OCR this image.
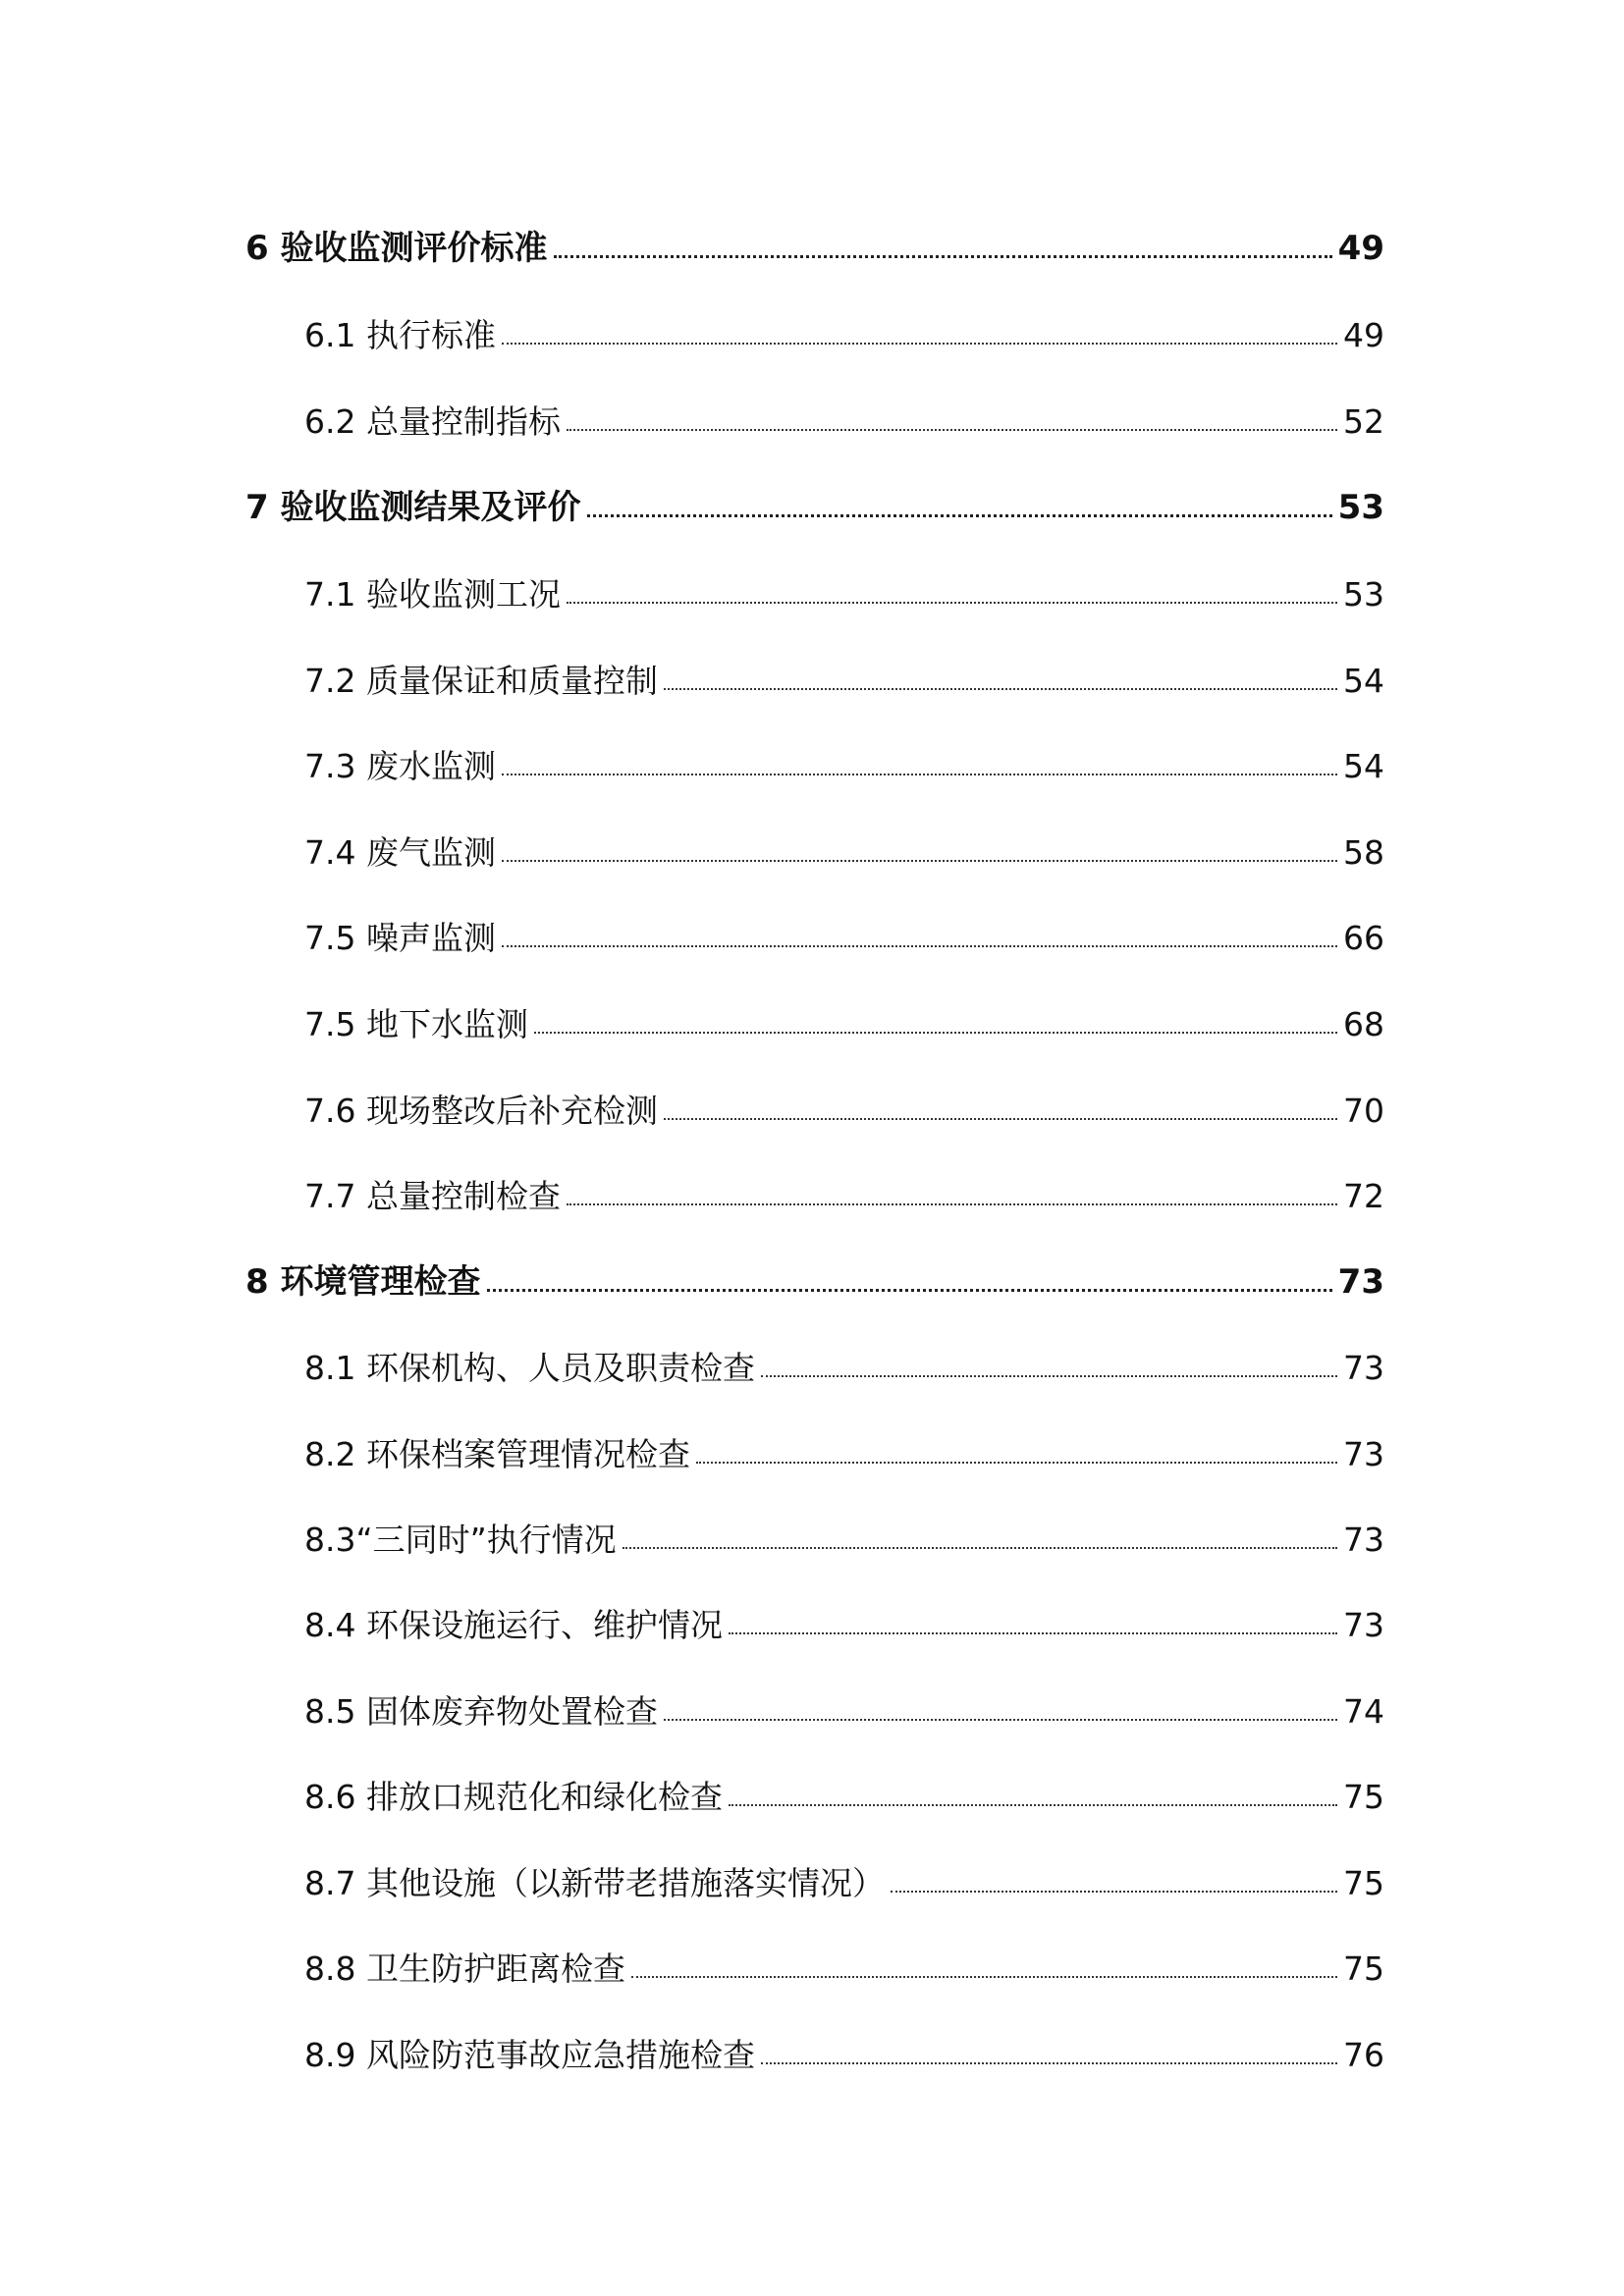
6 验收监测评价标准	49
6.1 执行标准	49
6.2 总量控制指标	52
7 验收监测结果及评价	53
7.1 验收监测工况	53
7.2 质量保证和质量控制	54
7.3 废水监测	54
7.4 废气监测	58
7.5 噪声监测	66
7.5 地下水监测	68
7.6 现场整改后补充检测	70
7.7 总量控制检查	72
8 环境管理检查	73
8.1 环保机构、人员及职责检查	73
8.2 环保档案管理情况检查	73
8.3“三同时”执行情况	73
8.4 环保设施运行、维护情况	73
8.5 固体废弃物处置检查	74
8.6 排放口规范化和绿化检查	75
8.7 其他设施（以新带老措施落实情况）	75
8.8 卫生防护距离检查	75
8.9 风险防范事故应急措施检查	76
